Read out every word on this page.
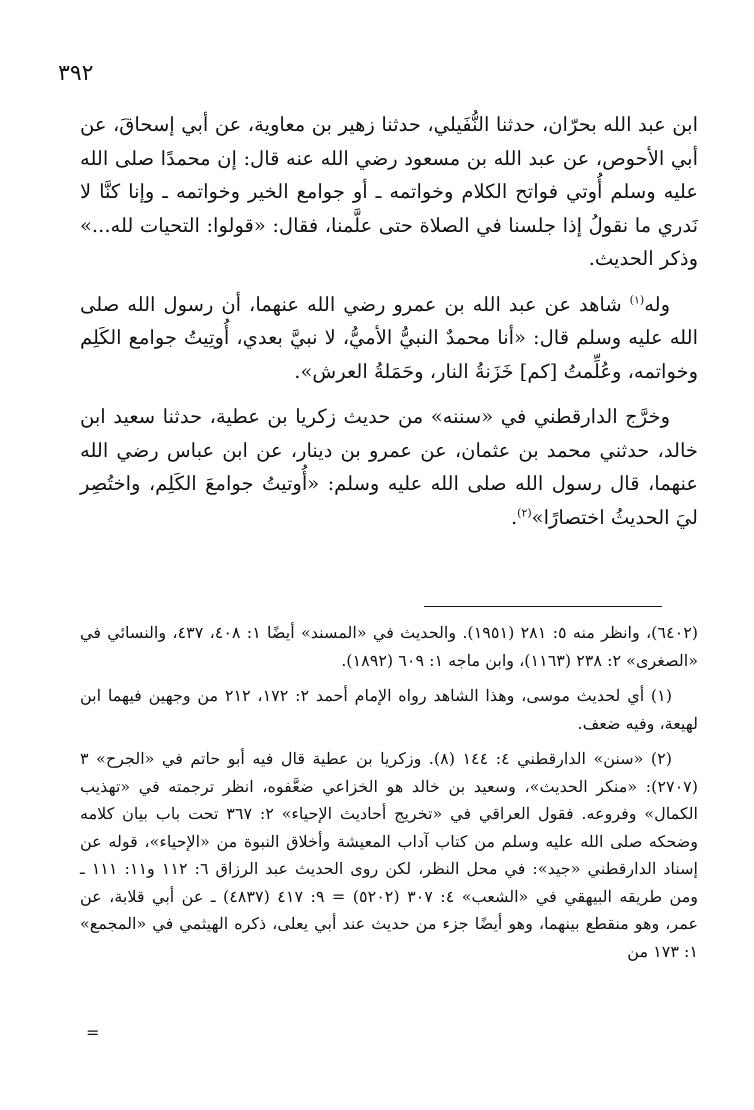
٣٩٢

ابن عبد الله بحرّان، حدثنا النُّفَيلي، حدثنا زهير بن معاوية، عن أبي إسحاقَ، عن أبي الأحوص، عن عبد الله بن مسعود رضي الله عنه قال: إن محمدًا صلى الله عليه وسلم أُوتي فواتح الكلام وخواتمه ـ أو جوامع الخير وخواتمه ـ وإنا كنَّا لا نَدري ما نقولُ إذا جلسنا في الصلاة حتى علَّمنا، فقال: «قولوا: التحيات لله...» وذكر الحديث.

وله$^{(١)}$ شاهد عن عبد الله بن عمرو رضي الله عنهما، أن رسول الله صلى الله عليه وسلم قال: «أنا محمدٌ النبيُّ الأميُّ، لا نبيَّ بعدي، أُوتِيتُ جوامع الكَلِم وخواتمه، وعُلِّمتُ [كم] خَزَنةُ النار، وحَمَلةُ العرش».

وخرَّج الدارقطني في «سننه» من حديث زكريا بن عطية، حدثنا سعيد ابن خالد، حدثني محمد بن عثمان، عن عمرو بن دينار، عن ابن عباس رضي الله عنهما، قال رسول الله صلى الله عليه وسلم: «أُوتيتُ جوامعَ الكَلِم، واختُصِر ليَ الحديثُ اختصارًا»$^{(٢)}$.

(٦٤٠٢)، وانظر منه ٥: ٢٨١ (١٩٥١). والحديث في «المسند» أيضًا ١: ٤٠٨، ٤٣٧، والنسائي في «الصغرى» ٢: ٢٣٨ (١١٦٣)، وابن ماجه ١: ٦٠٩ (١٨٩٢).

(١) أي لحديث موسى، وهذا الشاهد رواه الإمام أحمد ٢: ١٧٢، ٢١٢ من وجهين فيهما ابن لهيعة، وفيه ضعف.

(٢) «سنن» الدارقطني ٤: ١٤٤ (٨). وزكريا بن عطية قال فيه أبو حاتم في «الجرح» ٣ (٢٧٠٧): «منكر الحديث»، وسعيد بن خالد هو الخزاعي ضعَّفوه، انظر ترجمته في «تهذيب الكمال» وفروعه. فقول العراقي في «تخريج أحاديث الإحياء» ٢: ٣٦٧ تحت باب بيان كلامه وضحكه صلى الله عليه وسلم من كتاب آداب المعيشة وأخلاق النبوة من «الإحياء»، قوله عن إسناد الدارقطني «جيد»: في محل النظر، لكن روى الحديث عبد الرزاق ٦: ١١٢ و١١: ١١١ ـ ومن طريقه البيهقي في «الشعب» ٤: ٣٠٧ (٥٢٠٢) = ٩: ٤١٧ (٤٨٣٧) ـ عن أبي قلابة، عن عمر، وهو منقطع بينهما، وهو أيضًا جزء من حديث عند أبي يعلى، ذكره الهيثمي في «المجمع» ١: ١٧٣ من

=
